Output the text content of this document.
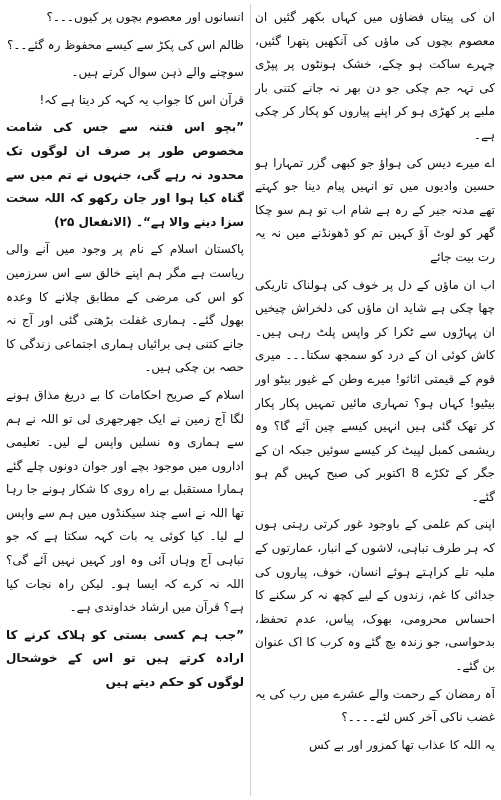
ان کی پیتاں فضاؤں میں کہاں بکھر گئیں ان معصوم بچوں کی ماؤں کی آنکھیں پتھرا گئیں، چہرے ساکت ہو چکے، خشک ہونٹوں پر پپڑی کی تہہ جم چکی جو دن بھر نہ جانے کتنی بار ملبے پر کھڑی ہو کر اپنے پیاروں کو پکار کر چکی ہے۔

اے میرے دیس کی ہواؤ جو کبھی گزر تمہارا ہو حسین وادیوں میں تو انہیں پیام دینا جو کہتے تھے مدنہ جیر کے رہ ہے شام اب تو ہم سو چکا گھر کو لوٹ آؤ کہیں تم کو ڈھونڈنے میں نہ یہ رت بیت جائے

اب ان ماؤں کے دل پر خوف کی ہولناک تاریکی چھا چکی ہے شاید ان ماؤں کی دلخراش چیخیں ان پہاڑوں سے ٹکرا کر واپس پلٹ رہی ہیں۔ کاش کوئی ان کے درد کو سمجھ سکتا۔۔۔ میری قوم کے قیمتی اثاثو! میرے وطن کے غیور بیٹو اور بیٹیو! کہاں ہو؟ تمہاری مائیں تمہیں پکار پکار کر تھک گئی ہیں انہیں کیسے چین آئے گا؟ وہ ریشمی کمبل لپیٹ کر کیسے سوئیں جبکہ ان کے جگر کے ٹکڑے 8 اکتوبر کی صبح کہیں گم ہو گئے۔

اپنی کم علمی کے باوجود غور کرتی رہتی ہوں کہ ہر طرف تباہی، لاشوں کے انبار، عمارتوں کے ملبہ تلے کراہتے ہوئے انسان، خوف، پیاروں کی جدائی کا غم، زندوں کے لیے کچھ نہ کر سکنے کا احساس محرومی، بھوک، پیاس، عدم تحفظ، بدحواسی، جو زندہ بچ گئے وہ کرب کا اک عنوان بن گئے۔

آہ رمضان کے رحمت والے عشرے میں رب کی یہ غضب ناکی آخر کس لئے۔۔۔۔؟

یہ اللہ کا عذاب تھا کمزور اور بے کس

انسانوں اور معصوم بچوں پر کیوں۔۔۔؟

ظالم اس کی پکڑ سے کیسے محفوظ رہ گئے۔۔؟

سوچنے والے ذہن سوال کرتے ہیں۔

قرآن اس کا جواب یہ کہہ کر دیتا ہے کہ!

”بچو اس فتنہ سے جس کی شامت مخصوص طور پر صرف ان لوگوں تک محدود نہ رہے گی، جنہوں نے تم میں سے گناہ کیا ہوا اور جان رکھو کہ اللہ سخت سزا دینے والا ہے“۔ (الانفعال ۲۵)

پاکستان اسلام کے نام پر وجود میں آنے والی ریاست ہے مگر ہم اپنے خالق سے اس سرزمین کو اس کی مرضی کے مطابق چلانے کا وعدہ بھول گئے۔ ہماری غفلت بڑھتی گئی اور آج نہ جانے کتنی ہی برائیاں ہماری اجتماعی زندگی کا حصہ بن چکی ہیں۔

اسلام کے صریح احکامات کا بے دریغ مذاق ہونے لگا آج زمین نے ایک جھرجھری لی تو اللہ نے ہم سے ہماری وہ نسلیں واپس لے لیں۔ تعلیمی اداروں میں موجود بچے اور جوان دونوں چلے گئے ہمارا مستقبل بے راہ روی کا شکار ہونے جا رہا تھا اللہ نے اسے چند سیکنڈوں میں ہم سے واپس لے لیا۔ کیا کوئی یہ بات کہہ سکتا ہے کہ جو تباہی آج وہاں آئی وہ اور کہیں نہیں آئے گی؟ اللہ نہ کرے کہ ایسا ہو۔ لیکن راہ نجات کیا ہے؟ قرآن میں ارشاد خداوندی ہے۔

”جب ہم کسی بستی کو ہلاک کرنے کا ارادہ کرتے ہیں تو اس کے خوشحال لوگوں کو حکم دیتے ہیں
